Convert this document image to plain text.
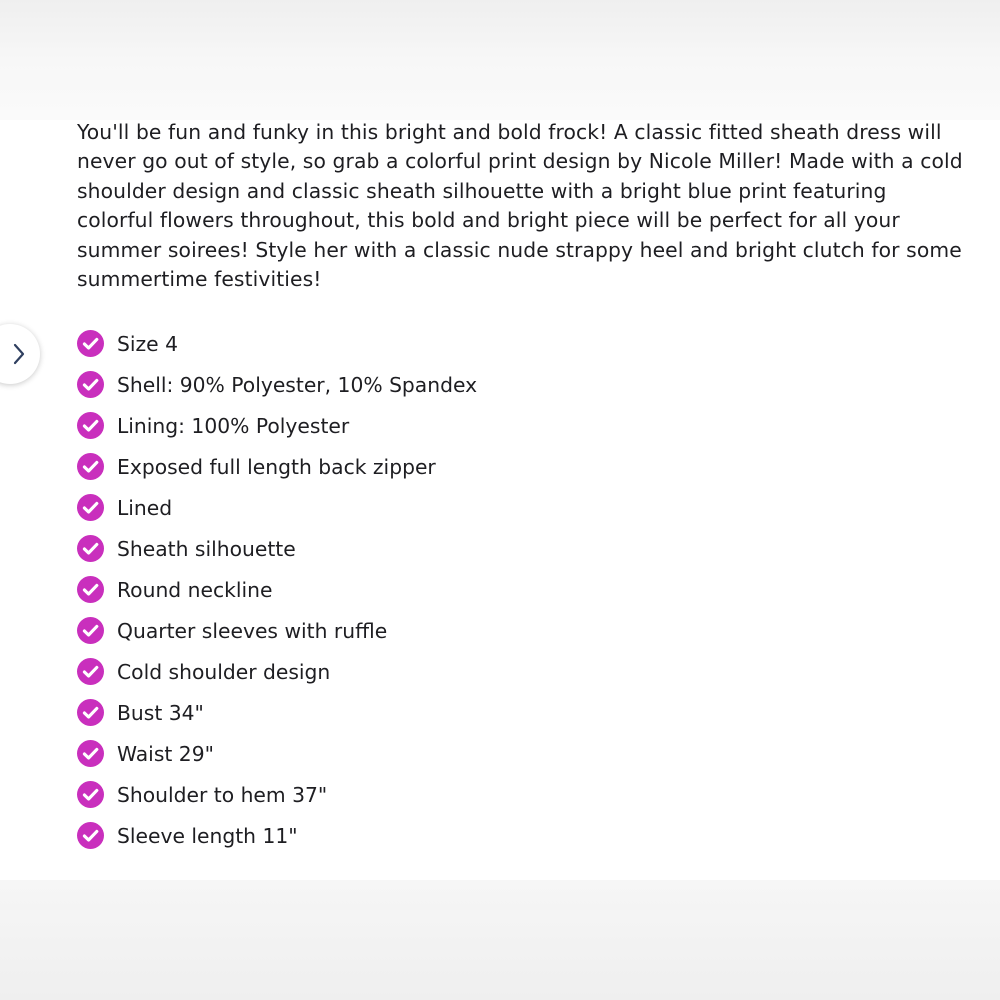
You'll be fun and funky in this bright and bold frock! A classic fitted sheath dress will never go out of style, so grab a colorful print design by Nicole Miller! Made with a cold shoulder design and classic sheath silhouette with a bright blue print featuring colorful flowers throughout, this bold and bright piece will be perfect for all your summer soirees! Style her with a classic nude strappy heel and bright clutch for some summertime festivities!

Size 4
Shell: 90% Polyester, 10% Spandex
Lining: 100% Polyester
Exposed full length back zipper
Lined
Sheath silhouette
Round neckline
Quarter sleeves with ruffle
Cold shoulder design
Bust 34"
Waist 29"
Shoulder to hem 37"
Sleeve length 11"
